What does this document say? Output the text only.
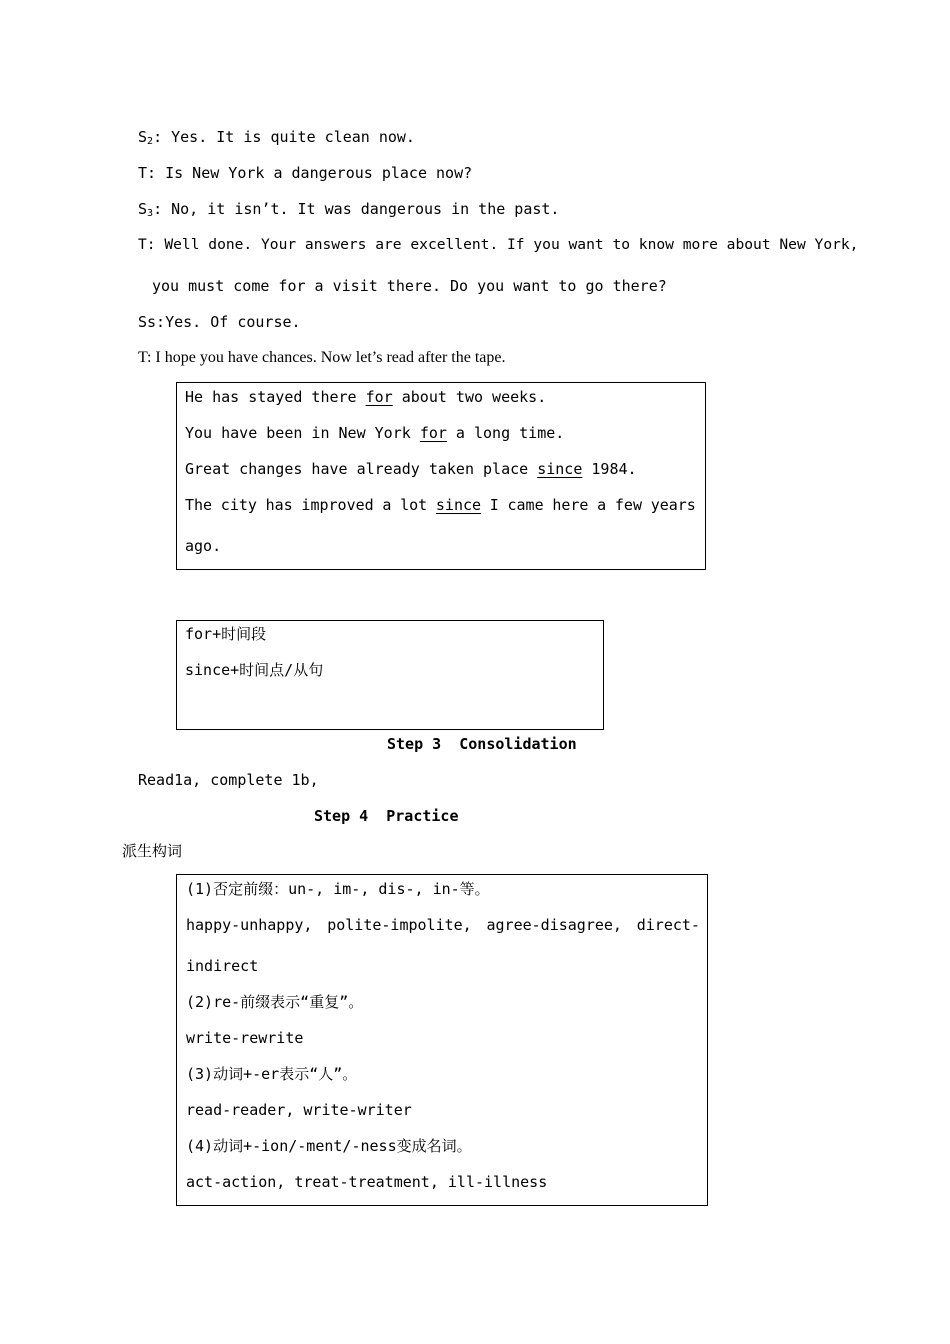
$S_2$: Yes. It is quite clean now.
T: Is New York a dangerous place now?
$S_3$: No, it isn’t. It was dangerous in the past.
T: Well done. Your answers are excellent. If you want to know more about New York,
you must come for a visit there. Do you want to go there?
Ss:Yes. Of course.
T: I hope you have chances. Now let’s read after the tape.
He has stayed there for about two weeks.
You have been in New York for a long time.
Great changes have already taken place since 1984.
The city has improved a lot since I came here a few years
ago.
for+时间段
since+时间点/从句
Step 3  Consolidation
Read1a, complete 1b,
Step 4  Practice
派生构词
(1)否定前缀：un-, im-, dis-, in-等。
happy-unhappy, polite-impolite, agree-disagree, direct-
indirect
(2)re-前缀表示“重复”。
write-rewrite
(3)动词+-er表示“人”。
read-reader, write-writer
(4)动词+-ion/-ment/-ness变成名词。
act-action, treat-treatment, ill-illness
